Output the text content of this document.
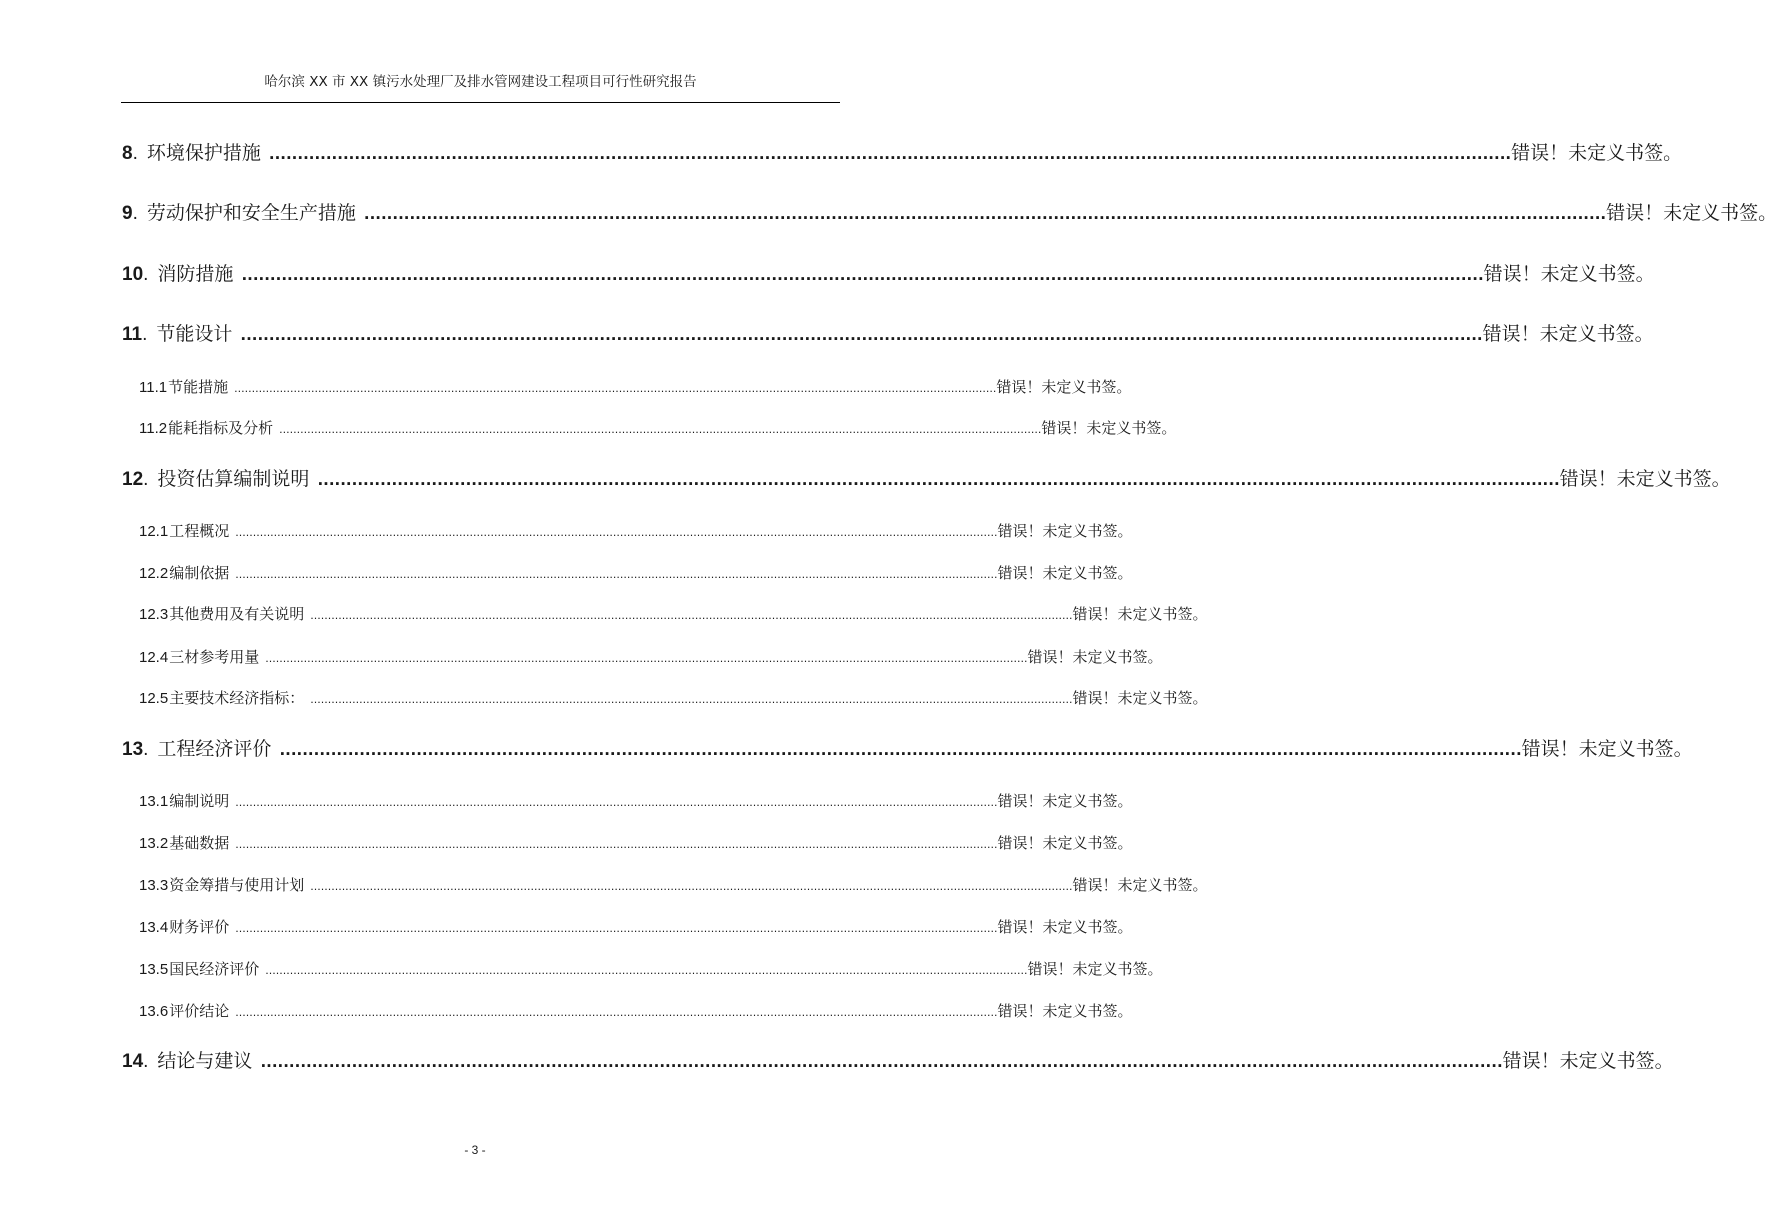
哈尔滨 XX 市 XX 镇污水处理厂及排水管网建设工程项目可行性研究报告
8 . 环境保护措施 .......................................................................................................................................................................................................................... 错误！未定义书签。
9 . 劳动保护和安全生产措施 .......................................................................................................................................................................................................................... 错误！未定义书签。
10 . 消防措施 .......................................................................................................................................................................................................................... 错误！未定义书签。
11 . 节能设计 .......................................................................................................................................................................................................................... 错误！未定义书签。
11.1 节能措施 .......................................................................................................................................................................................................................... 错误！未定义书签。
11.2 能耗指标及分析 .......................................................................................................................................................................................................................... 错误！未定义书签。
12 . 投资估算编制说明 .......................................................................................................................................................................................................................... 错误！未定义书签。
12.1 工程概况 .......................................................................................................................................................................................................................... 错误！未定义书签。
12.2 编制依据 .......................................................................................................................................................................................................................... 错误！未定义书签。
12.3 其他费用及有关说明 .......................................................................................................................................................................................................................... 错误！未定义书签。
12.4 三材参考用量 .......................................................................................................................................................................................................................... 错误！未定义书签。
12.5 主要技术经济指标： .......................................................................................................................................................................................................................... 错误！未定义书签。
13 . 工程经济评价 .......................................................................................................................................................................................................................... 错误！未定义书签。
13.1 编制说明 .......................................................................................................................................................................................................................... 错误！未定义书签。
13.2 基础数据 .......................................................................................................................................................................................................................... 错误！未定义书签。
13.3 资金筹措与使用计划 .......................................................................................................................................................................................................................... 错误！未定义书签。
13.4 财务评价 .......................................................................................................................................................................................................................... 错误！未定义书签。
13.5 国民经济评价 .......................................................................................................................................................................................................................... 错误！未定义书签。
13.6 评价结论 .......................................................................................................................................................................................................................... 错误！未定义书签。
14 . 结论与建议 .......................................................................................................................................................................................................................... 错误！未定义书签。
- 3 -
